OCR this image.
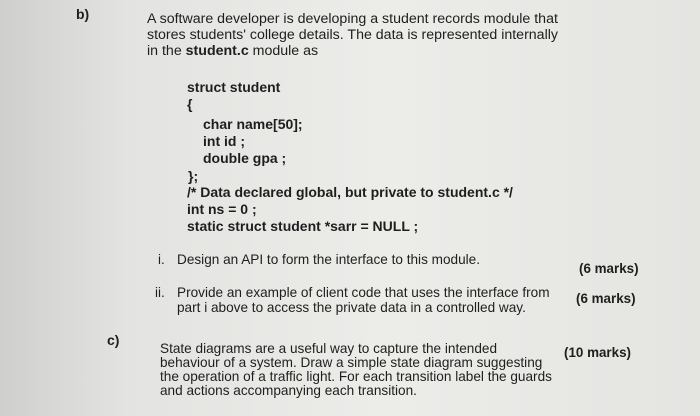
b)	A software developer is developing a student records module that
stores students' college details. The data is represented internally
in the student.c module as
struct student
{
char name[50];
int id ;
double gpa ;
};
/* Data declared global, but private to student.c */
int ns = 0 ;
static struct student *sarr = NULL ;
i. Design an API to form the interface to this module.
(6 marks)
ii. Provide an example of client code that uses the interface from
part i above to access the private data in a controlled way.
(6 marks)
c)
State diagrams are a useful way to capture the intended
behaviour of a system. Draw a simple state diagram suggesting
the operation of a traffic light. For each transition label the guards
and actions accompanying each transition.
(10 marks)
